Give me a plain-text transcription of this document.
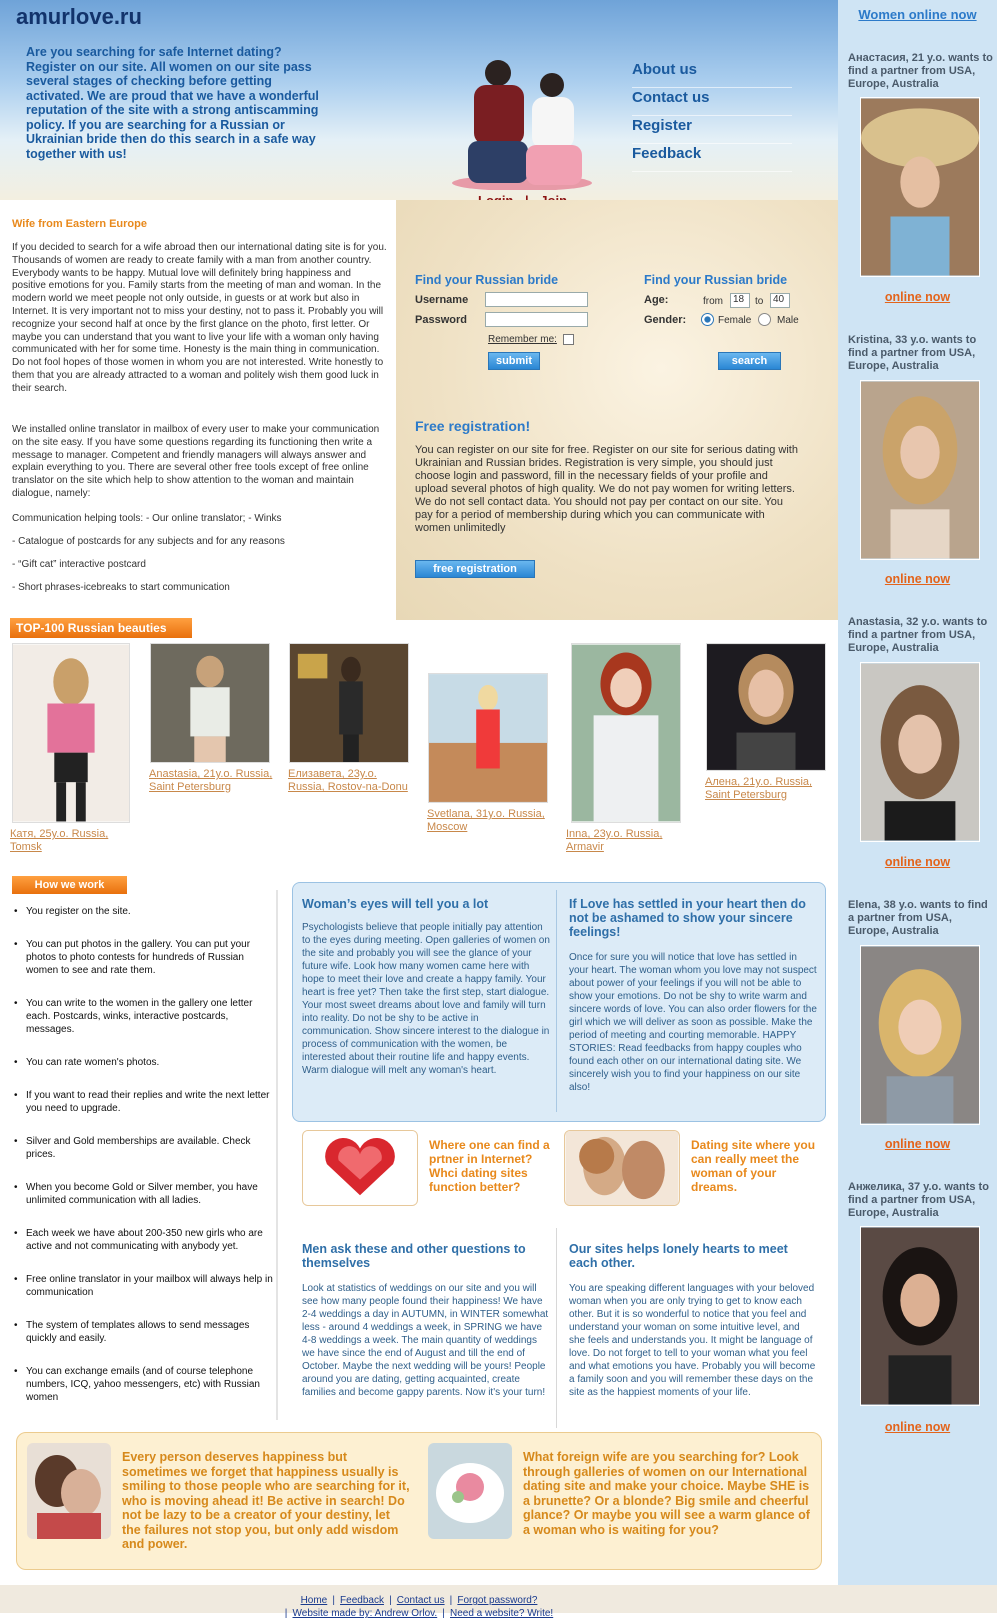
amurlove.ru
Are you searching for safe Internet dating? Register on our site. All women on our site pass several stages of checking before getting activated. We are proud that we have a wonderful reputation of the site with a strong antiscamming policy. If you are searching for a Russian or Ukrainian bride then do this search in a safe way together with us!
About us
Contact us
Register
Feedback
Women online now
Анастасия, 21 y.o. wants to find a partner from USA, Europe, Australia
online now
Kristina, 33 y.o. wants to find a partner from USA, Europe, Australia
online now
Anastasia, 32 y.o. wants to find a partner from USA, Europe, Australia
online now
Elena, 38 y.o. wants to find a partner from USA, Europe, Australia
online now
Анжелика, 37 y.o. wants to find a partner from USA, Europe, Australia
online now
Wife from Eastern Europe
If you decided to search for a wife abroad then our international dating site is for you. Thousands of women are ready to create family with a man from another country. Everybody wants to be happy. Mutual love will definitely bring happiness and positive emotions for you. Family starts from the meeting of man and woman. In the modern world we meet people not only outside, in guests or at work but also in Internet. It is very important not to miss your destiny, not to pass it. Probably you will recognize your second half at once by the first glance on the photo, first letter. Or maybe you can understand that you want to live your life with a woman only having communicated with her for some time. Honesty is the main thing in communication. Do not fool hopes of those women in whom you are not interested. Write honestly to them that you are already attracted to a woman and politely wish them good luck in their search.
We installed online translator in mailbox of every user to make your communication on the site easy. If you have some questions regarding its functioning then write a message to manager. Competent and friendly managers will always answer and explain everything to you. There are several other free tools except of free online translator on the site which help to show attention to the woman and maintain dialogue, namely:
Communication helping tools: - Our online translator; - Winks
- Catalogue of postcards for any subjects and for any reasons
- “Gift cat” interactive postcard
- Short phrases-icebreaks to start communication
Find your Russian bride
Username
Password
Remember me:
submit
Find your Russian bride
Age:	from	18	to 40
Gender:	Female	Male
search
Free registration!
You can register on our site for free. Register on our site for serious dating with Ukrainian and Russian brides. Registration is very simple, you should just choose login and password, fill in the necessary fields of your profile and upload several photos of high quality. We do not pay women for writing letters. We do not sell contact data. You should not pay per contact on our site. You pay for a period of membership during which you can communicate with women unlimitedly
free registration
TOP-100 Russian beauties
Катя, 25y.o. Russia, Tomsk
Anastasia, 21y.o. Russia, Saint Petersburg
Елизавета, 23y.o. Russia, Rostov-na-Donu
Svetlana, 31y.o. Russia, Moscow
Inna, 23y.o. Russia, Armavir
Алена, 21y.o. Russia, Saint Petersburg
How we work
• You register on the site.
• You can put photos in the gallery. You can put your photos to photo contests for hundreds of Russian women to see and rate them.
• You can write to the women in the gallery one letter each. Postcards, winks, interactive postcards, messages.
• You can rate women's photos.
• If you want to read their replies and write the next letter you need to upgrade.
• Silver and Gold memberships are available. Check prices.
• When you become Gold or Silver member, you have unlimited communication with all ladies.
• Each week we have about 200-350 new girls who are active and not communicating with anybody yet.
• Free online translator in your mailbox will always help in communication
• The system of templates allows to send messages quickly and easily.
• You can exchange emails (and of course telephone numbers, ICQ, yahoo messengers, etc) with Russian women
Woman’s eyes will tell you a lot
Psychologists believe that people initially pay attention to the eyes during meeting. Open galleries of women on the site and probably you will see the glance of your future wife. Look how many women came here with hope to meet their love and create a happy family. Your heart is free yet? Then take the first step, start dialogue. Your most sweet dreams about love and family will turn into reality. Do not be shy to be active in communication. Show sincere interest to the dialogue in process of communication with the women, be interested about their routine life and happy events. Warm dialogue will melt any woman's heart.
If Love has settled in your heart then do not be ashamed to show your sincere feelings!
Once for sure you will notice that love has settled in your heart. The woman whom you love may not suspect about power of your feelings if you will not be able to show your emotions. Do not be shy to write warm and sincere words of love. You can also order flowers for the girl which we will deliver as soon as possible. Make the period of meeting and courting memorable. HAPPY STORIES: Read feedbacks from happy couples who found each other on our international dating site. We sincerely wish you to find your happiness on our site also!
Where one can find a prtner in Internet? Whci dating sites function better?
Dating site where you can really meet the woman of your dreams.
Men ask these and other questions to themselves
Look at statistics of weddings on our site and you will see how many people found their happiness! We have 2-4 weddings a day in AUTUMN, in WINTER somewhat less - around 4 weddings a week, in SPRING we have 4-8 weddings a week. The main quantity of weddings we have since the end of August and till the end of October. Maybe the next wedding will be yours! People around you are dating, getting acquainted, create families and become gappy parents. Now it's your turn!
Our sites helps lonely hearts to meet each other.
You are speaking different languages with your beloved woman when you are only trying to get to know each other. But it is so wonderful to notice that you feel and understand your woman on some intuitive level, and she feels and understands you. It might be language of love. Do not forget to tell to your woman what you feel and what emotions you have. Probably you will become a family soon and you will remember these days on the site as the happiest moments of your life.
Every person deserves happiness but sometimes we forget that happiness usually is smiling to those people who are searching for it, who is moving ahead it! Be active in search! Do not be lazy to be a creator of your destiny, let the failures not stop you, but only add wisdom and power.
What foreign wife are you searching for? Look through galleries of women on our International dating site and make your choice. Maybe SHE is a brunette? Or a blonde? Big smile and cheerful glance? Or maybe you will see a warm glance of a woman who is waiting for you?
Home | Feedback | Contact us | Forgot password?
| Website made by: Andrew Orlov. | Need a website? Write!
